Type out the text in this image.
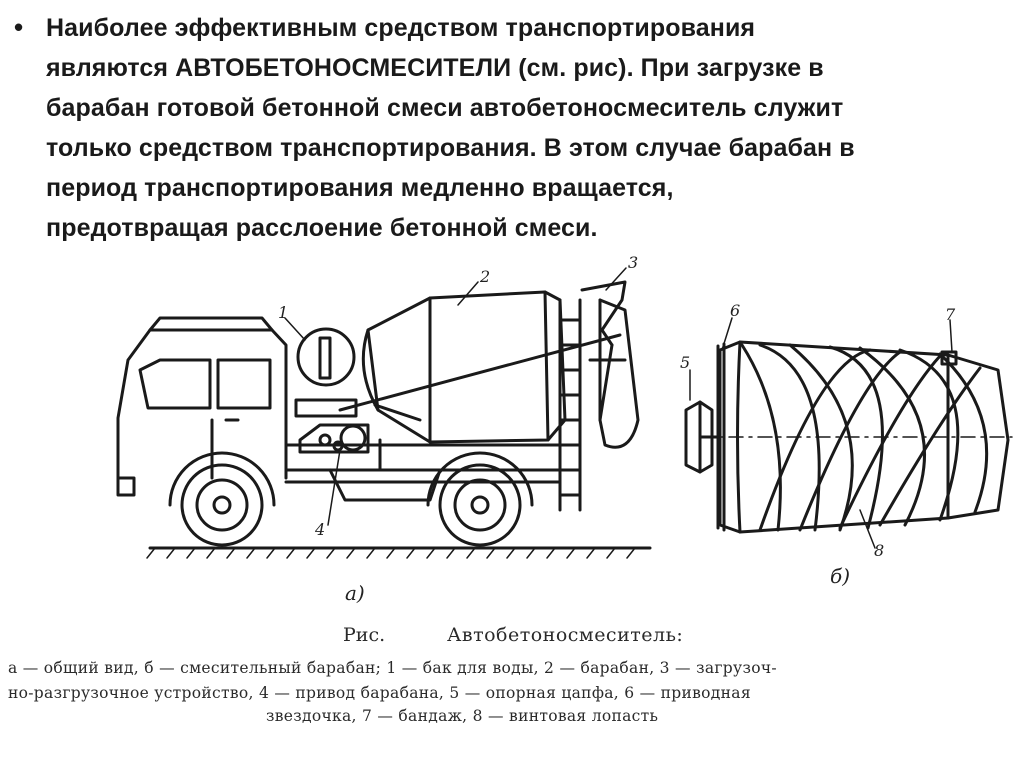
• Наиболее эффективным средством транспортирования
являются АВТОБЕТОНОСМЕСИТЕЛИ (см. рис). При загрузке в
барабан готовой бетонной смеси автобетоносмеситель служит
только средством транспортирования. В этом случае барабан в
период транспортирования медленно вращается,
предотвращая расслоение бетонной смеси.
1
2
3
4
5
6	7
8
а)
б)
Рис.	Автобетоносмеситель:
а — общий вид, б — смесительный барабан; 1 — бак для воды, 2 — барабан, 3 — загрузоч-
но-разгрузочное устройство, 4 — привод барабана, 5 — опорная цапфа, 6 — приводная
звездочка, 7 — бандаж, 8 — винтовая лопасть
